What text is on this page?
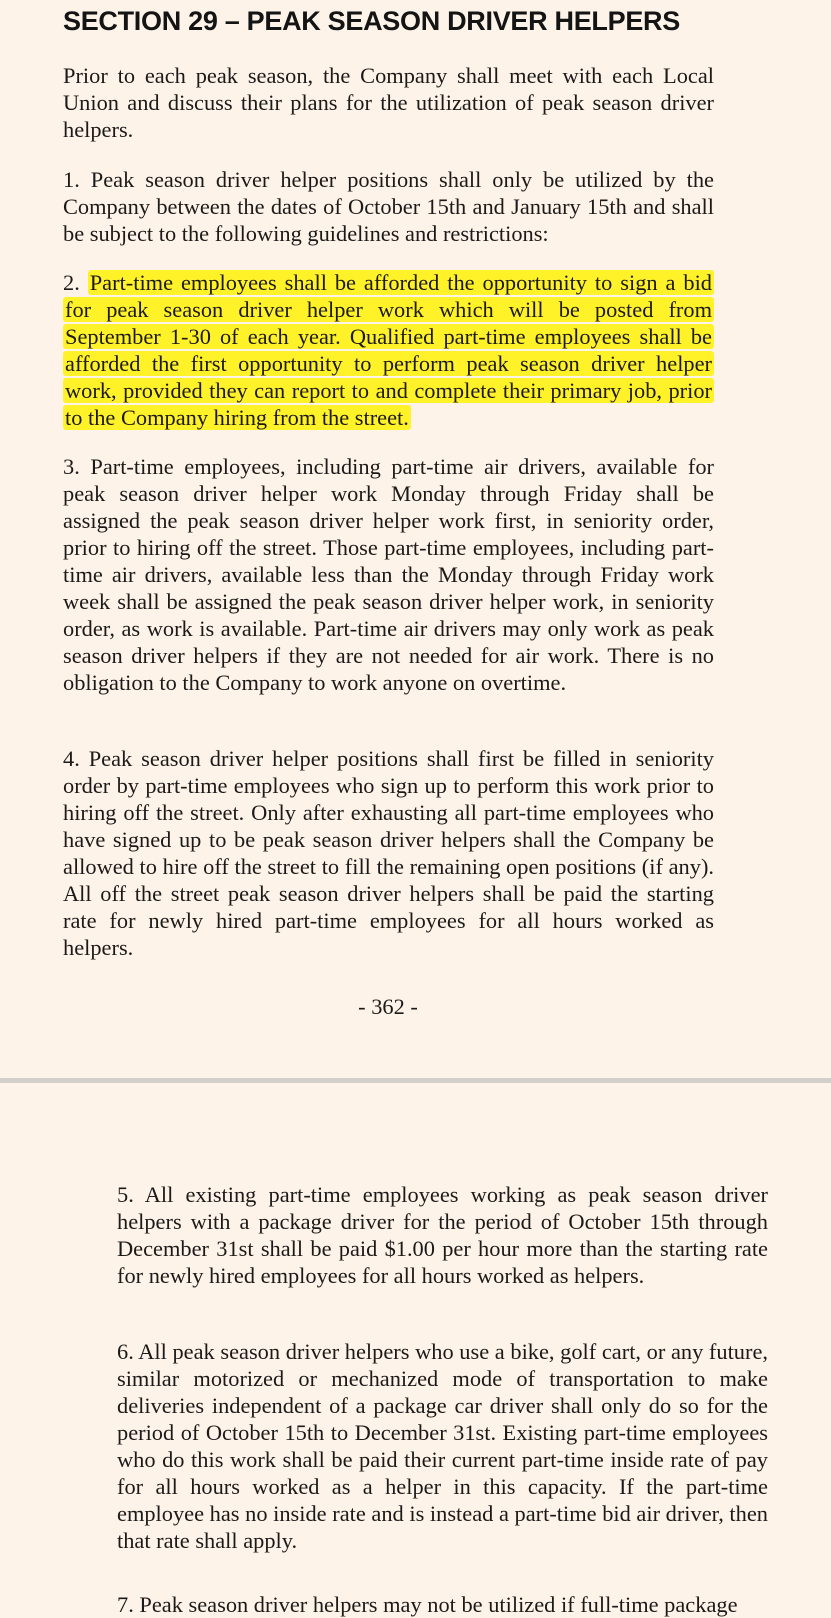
SECTION 29 – PEAK SEASON DRIVER HELPERS

Prior to each peak season, the Company shall meet with each Local Union and discuss their plans for the utilization of peak season driver helpers.

1. Peak season driver helper positions shall only be utilized by the Company between the dates of October 15th and January 15th and shall be subject to the following guidelines and restrictions:

2. Part-time employees shall be afforded the opportunity to sign a bid for peak season driver helper work which will be posted from September 1-30 of each year. Qualified part-time employees shall be afforded the first opportunity to perform peak season driver helper work, provided they can report to and complete their primary job, prior to the Company hiring from the street.

3. Part-time employees, including part-time air drivers, available for peak season driver helper work Monday through Friday shall be assigned the peak season driver helper work first, in seniority order, prior to hiring off the street. Those part-time employees, including part-time air drivers, available less than the Monday through Friday work week shall be assigned the peak season driver helper work, in seniority order, as work is available. Part-time air drivers may only work as peak season driver helpers if they are not needed for air work. There is no obligation to the Company to work anyone on overtime.

4. Peak season driver helper positions shall first be filled in seniority order by part-time employees who sign up to perform this work prior to hiring off the street. Only after exhausting all part-time employees who have signed up to be peak season driver helpers shall the Company be allowed to hire off the street to fill the remaining open positions (if any). All off the street peak season driver helpers shall be paid the starting rate for newly hired part-time employees for all hours worked as helpers.

- 362 -

5. All existing part-time employees working as peak season driver helpers with a package driver for the period of October 15th through December 31st shall be paid $1.00 per hour more than the starting rate for newly hired employees for all hours worked as helpers.

6. All peak season driver helpers who use a bike, golf cart, or any future, similar motorized or mechanized mode of transportation to make deliveries independent of a package car driver shall only do so for the period of October 15th to December 31st. Existing part-time employees who do this work shall be paid their current part-time inside rate of pay for all hours worked as a helper in this capacity. If the part-time employee has no inside rate and is instead a part-time bid air driver, then that rate shall apply.

7. Peak season driver helpers may not be utilized if full-time package
